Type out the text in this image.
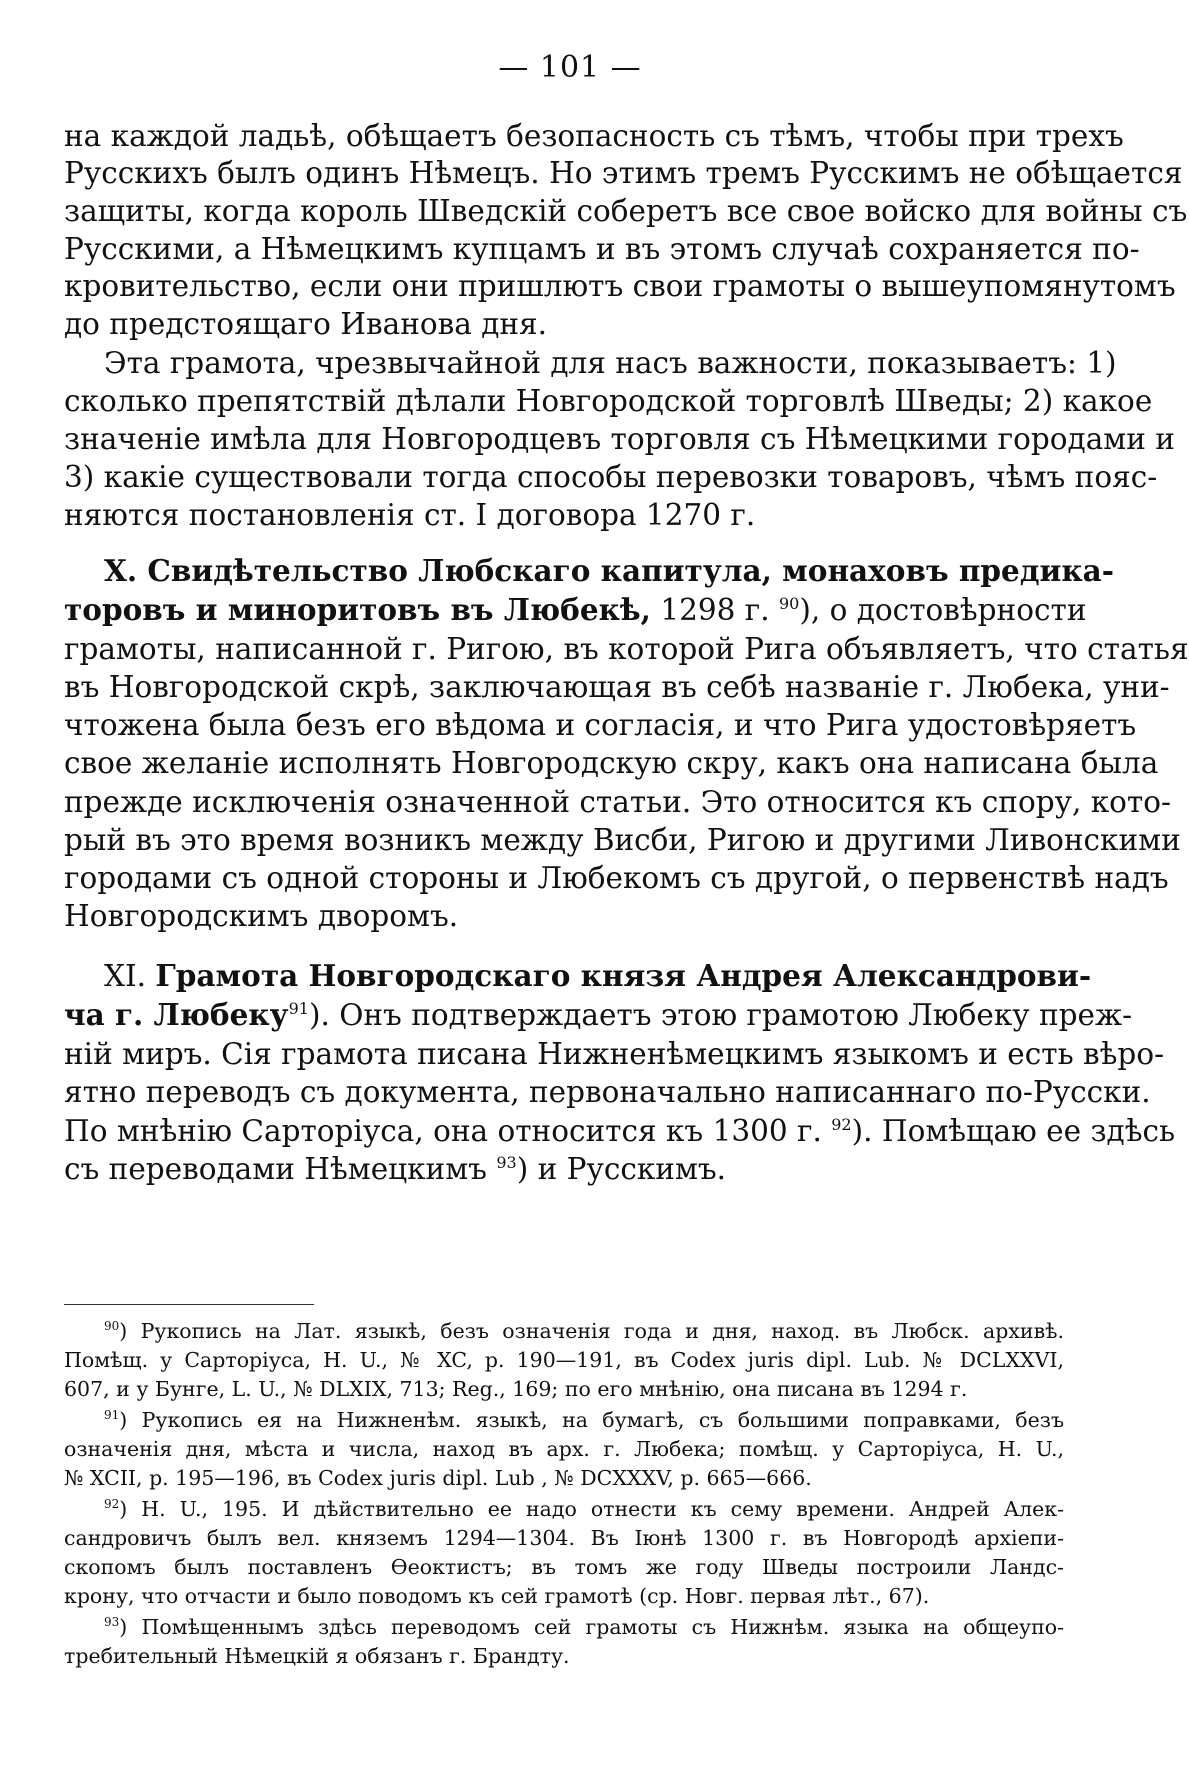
— 101 —
на каждой ладьѣ, обѣщаетъ безопасность съ тѣмъ, чтобы при трехъ
Русскихъ былъ одинъ Нѣмецъ. Но этимъ тремъ Русскимъ не обѣщается
защиты, когда король Шведскій соберетъ все свое войско для войны съ
Русскими, а Нѣмецкимъ купцамъ и въ этомъ случаѣ сохраняется по-
кровительство, если они пришлютъ свои грамоты о вышеупомянутомъ
до предстоящаго Иванова дня.
Эта грамота, чрезвычайной для насъ важности, показываетъ: 1)
сколько препятствій дѣлали Новгородской торговлѣ Шведы; 2) какое
значеніе имѣла для Новгородцевъ торговля съ Нѣмецкими городами и
3) какіе существовали тогда способы перевозки товаровъ, чѣмъ пояс-
няются постановленія ст. I договора 1270 г.
X. Свидѣтельство Любскаго капитула, монаховъ предика-
торовъ и миноритовъ въ Любекѣ, 1298 г. $^{90}$), о достовѣрности
грамоты, написанной г. Ригою, въ которой Рига объявляетъ, что статья
въ Новгородской скрѣ, заключающая въ себѣ названіе г. Любека, уни-
чтожена была безъ его вѣдома и согласія, и что Рига удостовѣряетъ
свое желаніе исполнять Новгородскую скру, какъ она написана была
прежде исключенія означенной статьи. Это относится къ спору, кото-
рый въ это время возникъ между Висби, Ригою и другими Ливонскими
городами съ одной стороны и Любекомъ съ другой, о первенствѣ надъ
Новгородскимъ дворомъ.
XI. Грамота Новгородскаго князя Андрея Александрови-
ча г. Любеку$^{91}$). Онъ подтверждаетъ этою грамотою Любеку преж-
ній миръ. Сія грамота писана Нижненѣмецкимъ языкомъ и есть вѣро-
ятно переводъ съ документа, первоначально написаннаго по-Русски.
По мнѣнію Сарторіуса, она относится къ 1300 г. $^{92}$). Помѣщаю ее здѣсь
съ переводами Нѣмецкимъ $^{93}$) и Русскимъ.
$^{90}$) Рукопись на Лат. языкѣ, безъ означенія года и дня, наход. въ Любск. архивѣ.
Помѣщ. у Сарторіуса, H. U., № XC, p. 190—191, въ Codex juris dipl. Lub. № DCLXXVI,
607, и у Бунге, L. U., № DLXIX, 713; Reg., 169; по его мнѣнію, она писана въ 1294 г.
$^{91}$) Рукопись ея на Нижненѣм. языкѣ, на бумагѣ, съ большими поправками, безъ
означенія дня, мѣста и числа, наход въ арх. г. Любека; помѣщ. у Сарторіуса, H. U.,
№ XCII, p. 195—196, въ Codex juris dipl. Lub , № DCXXXV, p. 665—666.
$^{92}$) H. U., 195. И дѣйствительно ее надо отнести къ сему времени. Андрей Алек-
сандровичъ былъ вел. княземъ 1294—1304. Въ Іюнѣ 1300 г. въ Новгородѣ архіепи-
скопомъ былъ поставленъ Ѳеоктистъ; въ томъ же году Шведы построили Ландс-
крону, что отчасти и было поводомъ къ сей грамотѣ (ср. Новг. первая лѣт., 67).
$^{93}$) Помѣщеннымъ здѣсь переводомъ сей грамоты съ Нижнѣм. языка на общеупо-
требительный Нѣмецкій я обязанъ г. Брандту.
